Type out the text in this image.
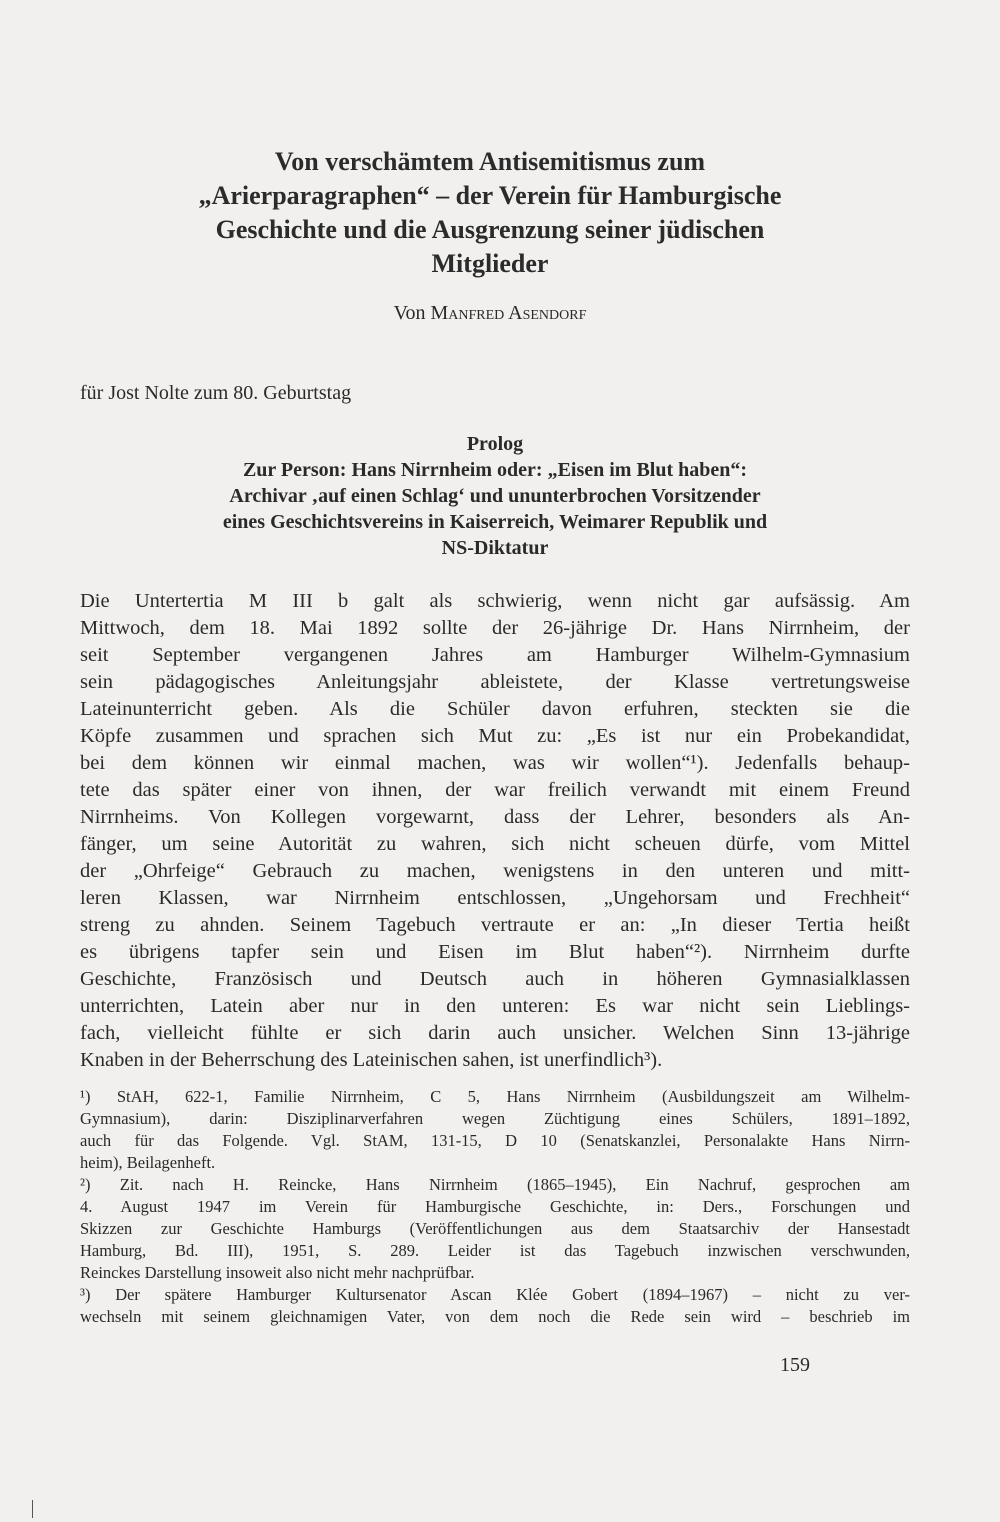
Von verschämtem Antisemitismus zum
„Arierparagraphen“ – der Verein für Hamburgische
Geschichte und die Ausgrenzung seiner jüdischen
Mitglieder
Von Manfred Asendorf
für Jost Nolte zum 80. Geburtstag
Prolog
Zur Person: Hans Nirrnheim oder: „Eisen im Blut haben“:
Archivar ‚auf einen Schlag‘ und ununterbrochen Vorsitzender
eines Geschichtsvereins in Kaiserreich, Weimarer Republik und
NS-Diktatur
Die Untertertia M III b galt als schwierig, wenn nicht gar aufsässig. Am
Mittwoch, dem 18. Mai 1892 sollte der 26-jährige Dr. Hans Nirrnheim, der
seit September vergangenen Jahres am Hamburger Wilhelm-Gymnasium
sein pädagogisches Anleitungsjahr ableistete, der Klasse vertretungsweise
Lateinunterricht geben. Als die Schüler davon erfuhren, steckten sie die
Köpfe zusammen und sprachen sich Mut zu: „Es ist nur ein Probekandidat,
bei dem können wir einmal machen, was wir wollen“¹). Jedenfalls behaup-
tete das später einer von ihnen, der war freilich verwandt mit einem Freund
Nirrnheims. Von Kollegen vorgewarnt, dass der Lehrer, besonders als An-
fänger, um seine Autorität zu wahren, sich nicht scheuen dürfe, vom Mittel
der „Ohrfeige“ Gebrauch zu machen, wenigstens in den unteren und mitt-
leren Klassen, war Nirrnheim entschlossen, „Ungehorsam und Frechheit“
streng zu ahnden. Seinem Tagebuch vertraute er an: „In dieser Tertia heißt
es übrigens tapfer sein und Eisen im Blut haben“²). Nirrnheim durfte
Geschichte, Französisch und Deutsch auch in höheren Gymnasialklassen
unterrichten, Latein aber nur in den unteren: Es war nicht sein Lieblings-
fach, vielleicht fühlte er sich darin auch unsicher. Welchen Sinn 13-jährige
Knaben in der Beherrschung des Lateinischen sahen, ist unerfindlich³).
¹) StAH, 622-1, Familie Nirrnheim, C 5, Hans Nirrnheim (Ausbildungszeit am Wilhelm-
Gymnasium), darin: Disziplinarverfahren wegen Züchtigung eines Schülers, 1891–1892,
auch für das Folgende. Vgl. StAM, 131-15, D 10 (Senatskanzlei, Personalakte Hans Nirrn-
heim), Beilagenheft.
²) Zit. nach H. Reincke, Hans Nirrnheim (1865–1945), Ein Nachruf, gesprochen am
4. August 1947 im Verein für Hamburgische Geschichte, in: Ders., Forschungen und
Skizzen zur Geschichte Hamburgs (Veröffentlichungen aus dem Staatsarchiv der Hansestadt
Hamburg, Bd. III), 1951, S. 289. Leider ist das Tagebuch inzwischen verschwunden,
Reinckes Darstellung insoweit also nicht mehr nachprüfbar.
³) Der spätere Hamburger Kultursenator Ascan Klée Gobert (1894–1967) – nicht zu ver-
wechseln mit seinem gleichnamigen Vater, von dem noch die Rede sein wird – beschrieb im
159
